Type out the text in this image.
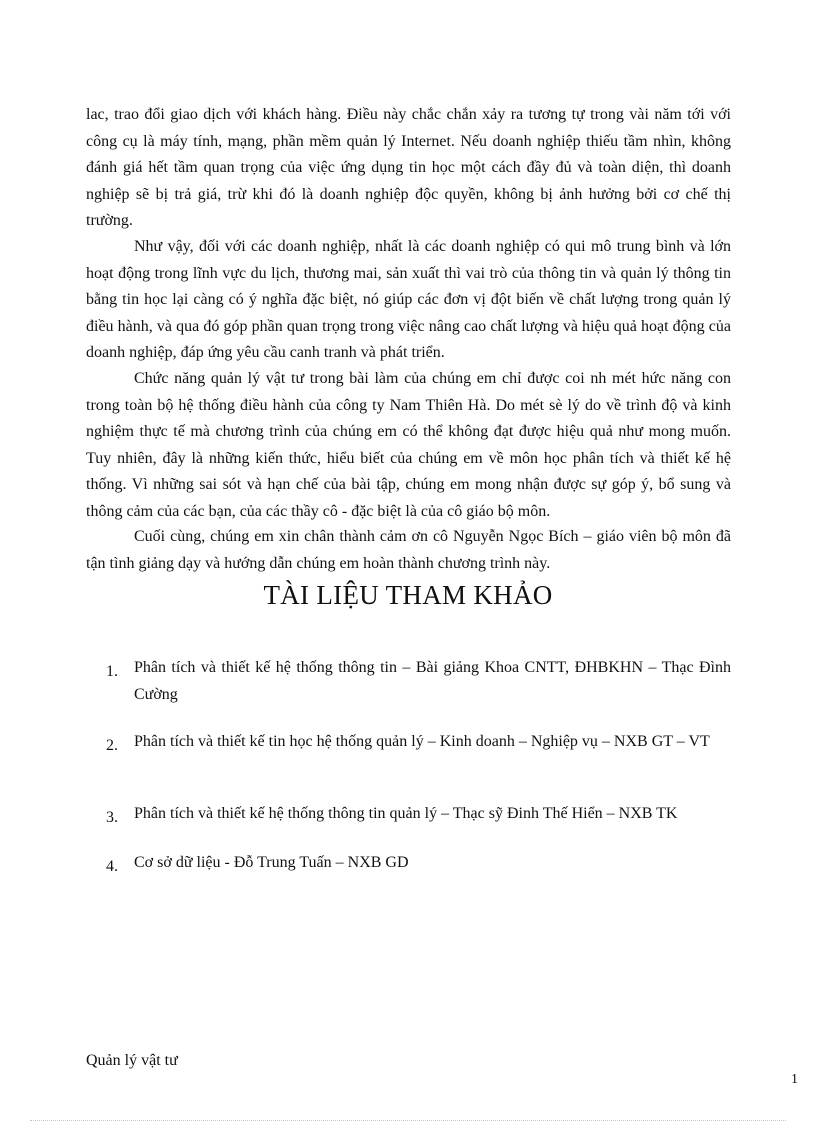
lac, trao đổi giao dịch với khách hàng. Điều này chắc chắn xảy ra tương tự trong vài năm tới với công cụ là máy tính, mạng, phần mềm quản lý Internet. Nếu doanh nghiệp thiếu tầm nhìn, không đánh giá hết tầm quan trọng của việc ứng dụng tin học một cách đầy đủ và toàn diện, thì doanh nghiệp sẽ bị trả giá, trừ khi đó là doanh nghiệp độc quyền, không bị ảnh hưởng bởi cơ chế thị trường.

Như vậy, đối với các doanh nghiệp, nhất là các doanh nghiệp có qui mô trung bình và lớn hoạt động trong lĩnh vực du lịch, thương mai, sản xuất thì vai trò của thông tin và quản lý thông tin bằng tin học lại càng có ý nghĩa đặc biệt, nó giúp các đơn vị đột biến về chất lượng trong quản lý điều hành, và qua đó góp phần quan trọng trong việc nâng cao chất lượng và hiệu quả hoạt động của doanh nghiệp, đáp ứng yêu cầu canh tranh và phát triển.

Chức năng quản lý vật tư trong bài làm của chúng em chỉ được coi nh mét hức năng con trong toàn bộ hệ thống điều hành của công ty Nam Thiên Hà. Do mét sè lý do về trình độ và kinh nghiệm thực tế mà chương trình của chúng em có thể không đạt được hiệu quả như mong muốn. Tuy nhiên, đây là những kiến thức, hiểu biết của chúng em về môn học phân tích và thiết kế hệ thống. Vì những sai sót và hạn chế của bài tập, chúng em mong nhận được sự góp ý, bổ sung và thông cảm của các bạn, của các thầy cô - đặc biệt là của cô giáo bộ môn.

Cuối cùng, chúng em xin chân thành cảm ơn cô Nguyễn Ngọc Bích – giáo viên bộ môn đã tận tình giảng dạy và hướng dẫn chúng em hoàn thành chương trình này.

TÀI LIỆU THAM KHẢO
1.	Phân tích và thiết kế hệ thống thông tin – Bài giảng Khoa CNTT, ĐHBKHN – Thạc Đình Cường
2.	Phân tích và thiết kế tin học hệ thống quản lý – Kinh doanh – Nghiệp vụ – NXB GT – VT
3.	Phân tích và thiết kế hệ thống thông tin quản lý – Thạc sỹ Đinh Thế Hiển – NXB TK
4.	Cơ sở dữ liệu - Đỗ Trung Tuấn – NXB GD

Quản lý vật tư

1
